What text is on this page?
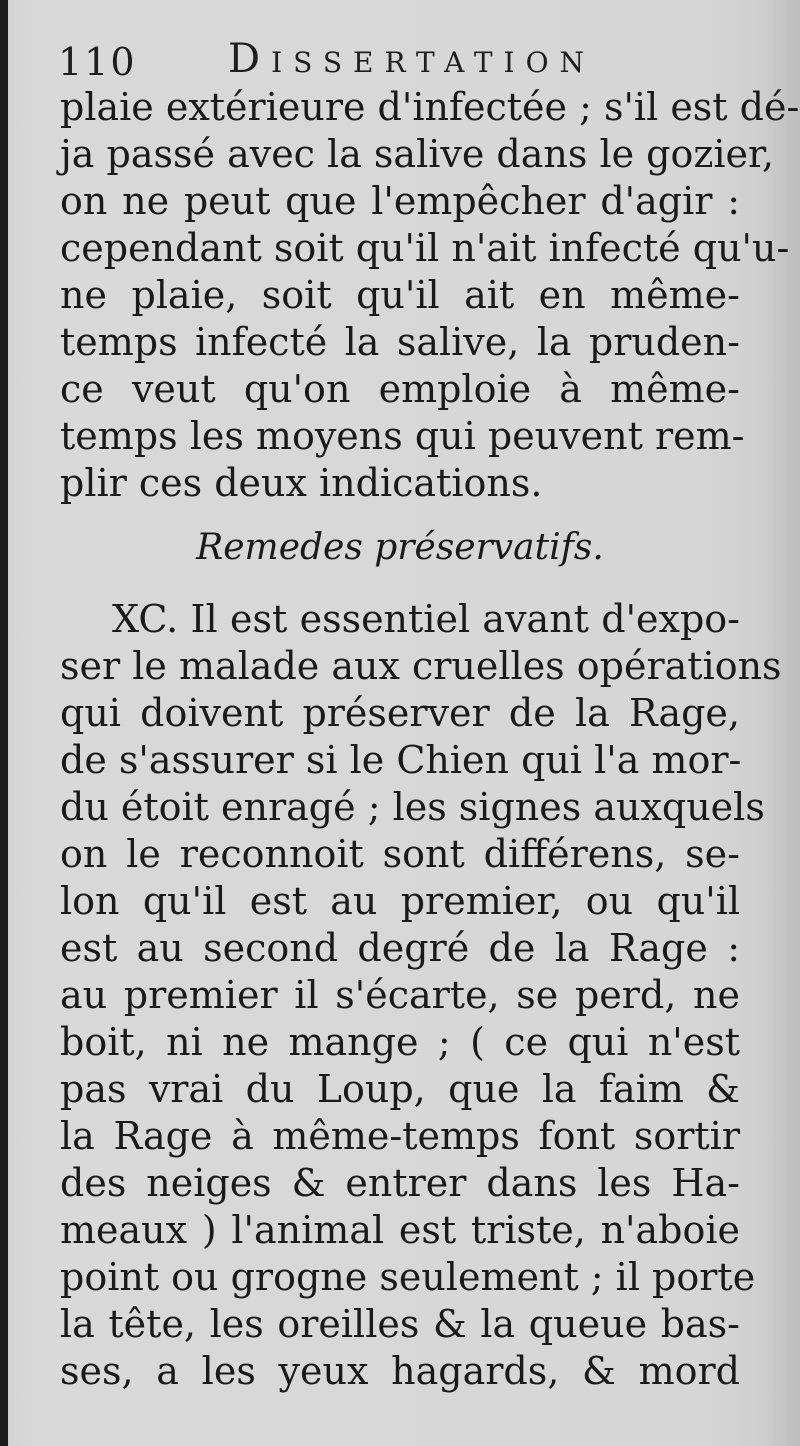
110 Dissertation
plaie extérieure d'infectée ; s'il est dé-
ja passé avec la salive dans le gozier,
on ne peut que l'empêcher d'agir :
cependant soit qu'il n'ait infecté qu'u-
ne plaie, soit qu'il ait en même-
temps infecté la salive, la pruden-
ce veut qu'on emploie à même-
temps les moyens qui peuvent rem-
plir ces deux indications.
Remedes préservatifs.
XC. Il est essentiel avant d'expo-
ser le malade aux cruelles opérations
qui doivent préserver de la Rage,
de s'assurer si le Chien qui l'a mor-
du étoit enragé ; les signes auxquels
on le reconnoit sont différens, se-
lon qu'il est au premier, ou qu'il
est au second degré de la Rage :
au premier il s'écarte, se perd, ne
boit, ni ne mange ; ( ce qui n'est
pas vrai du Loup, que la faim &
la Rage à même-temps font sortir
des neiges & entrer dans les Ha-
meaux ) l'animal est triste, n'aboie
point ou grogne seulement ; il porte
la tête, les oreilles & la queue bas-
ses, a les yeux hagards, & mord
